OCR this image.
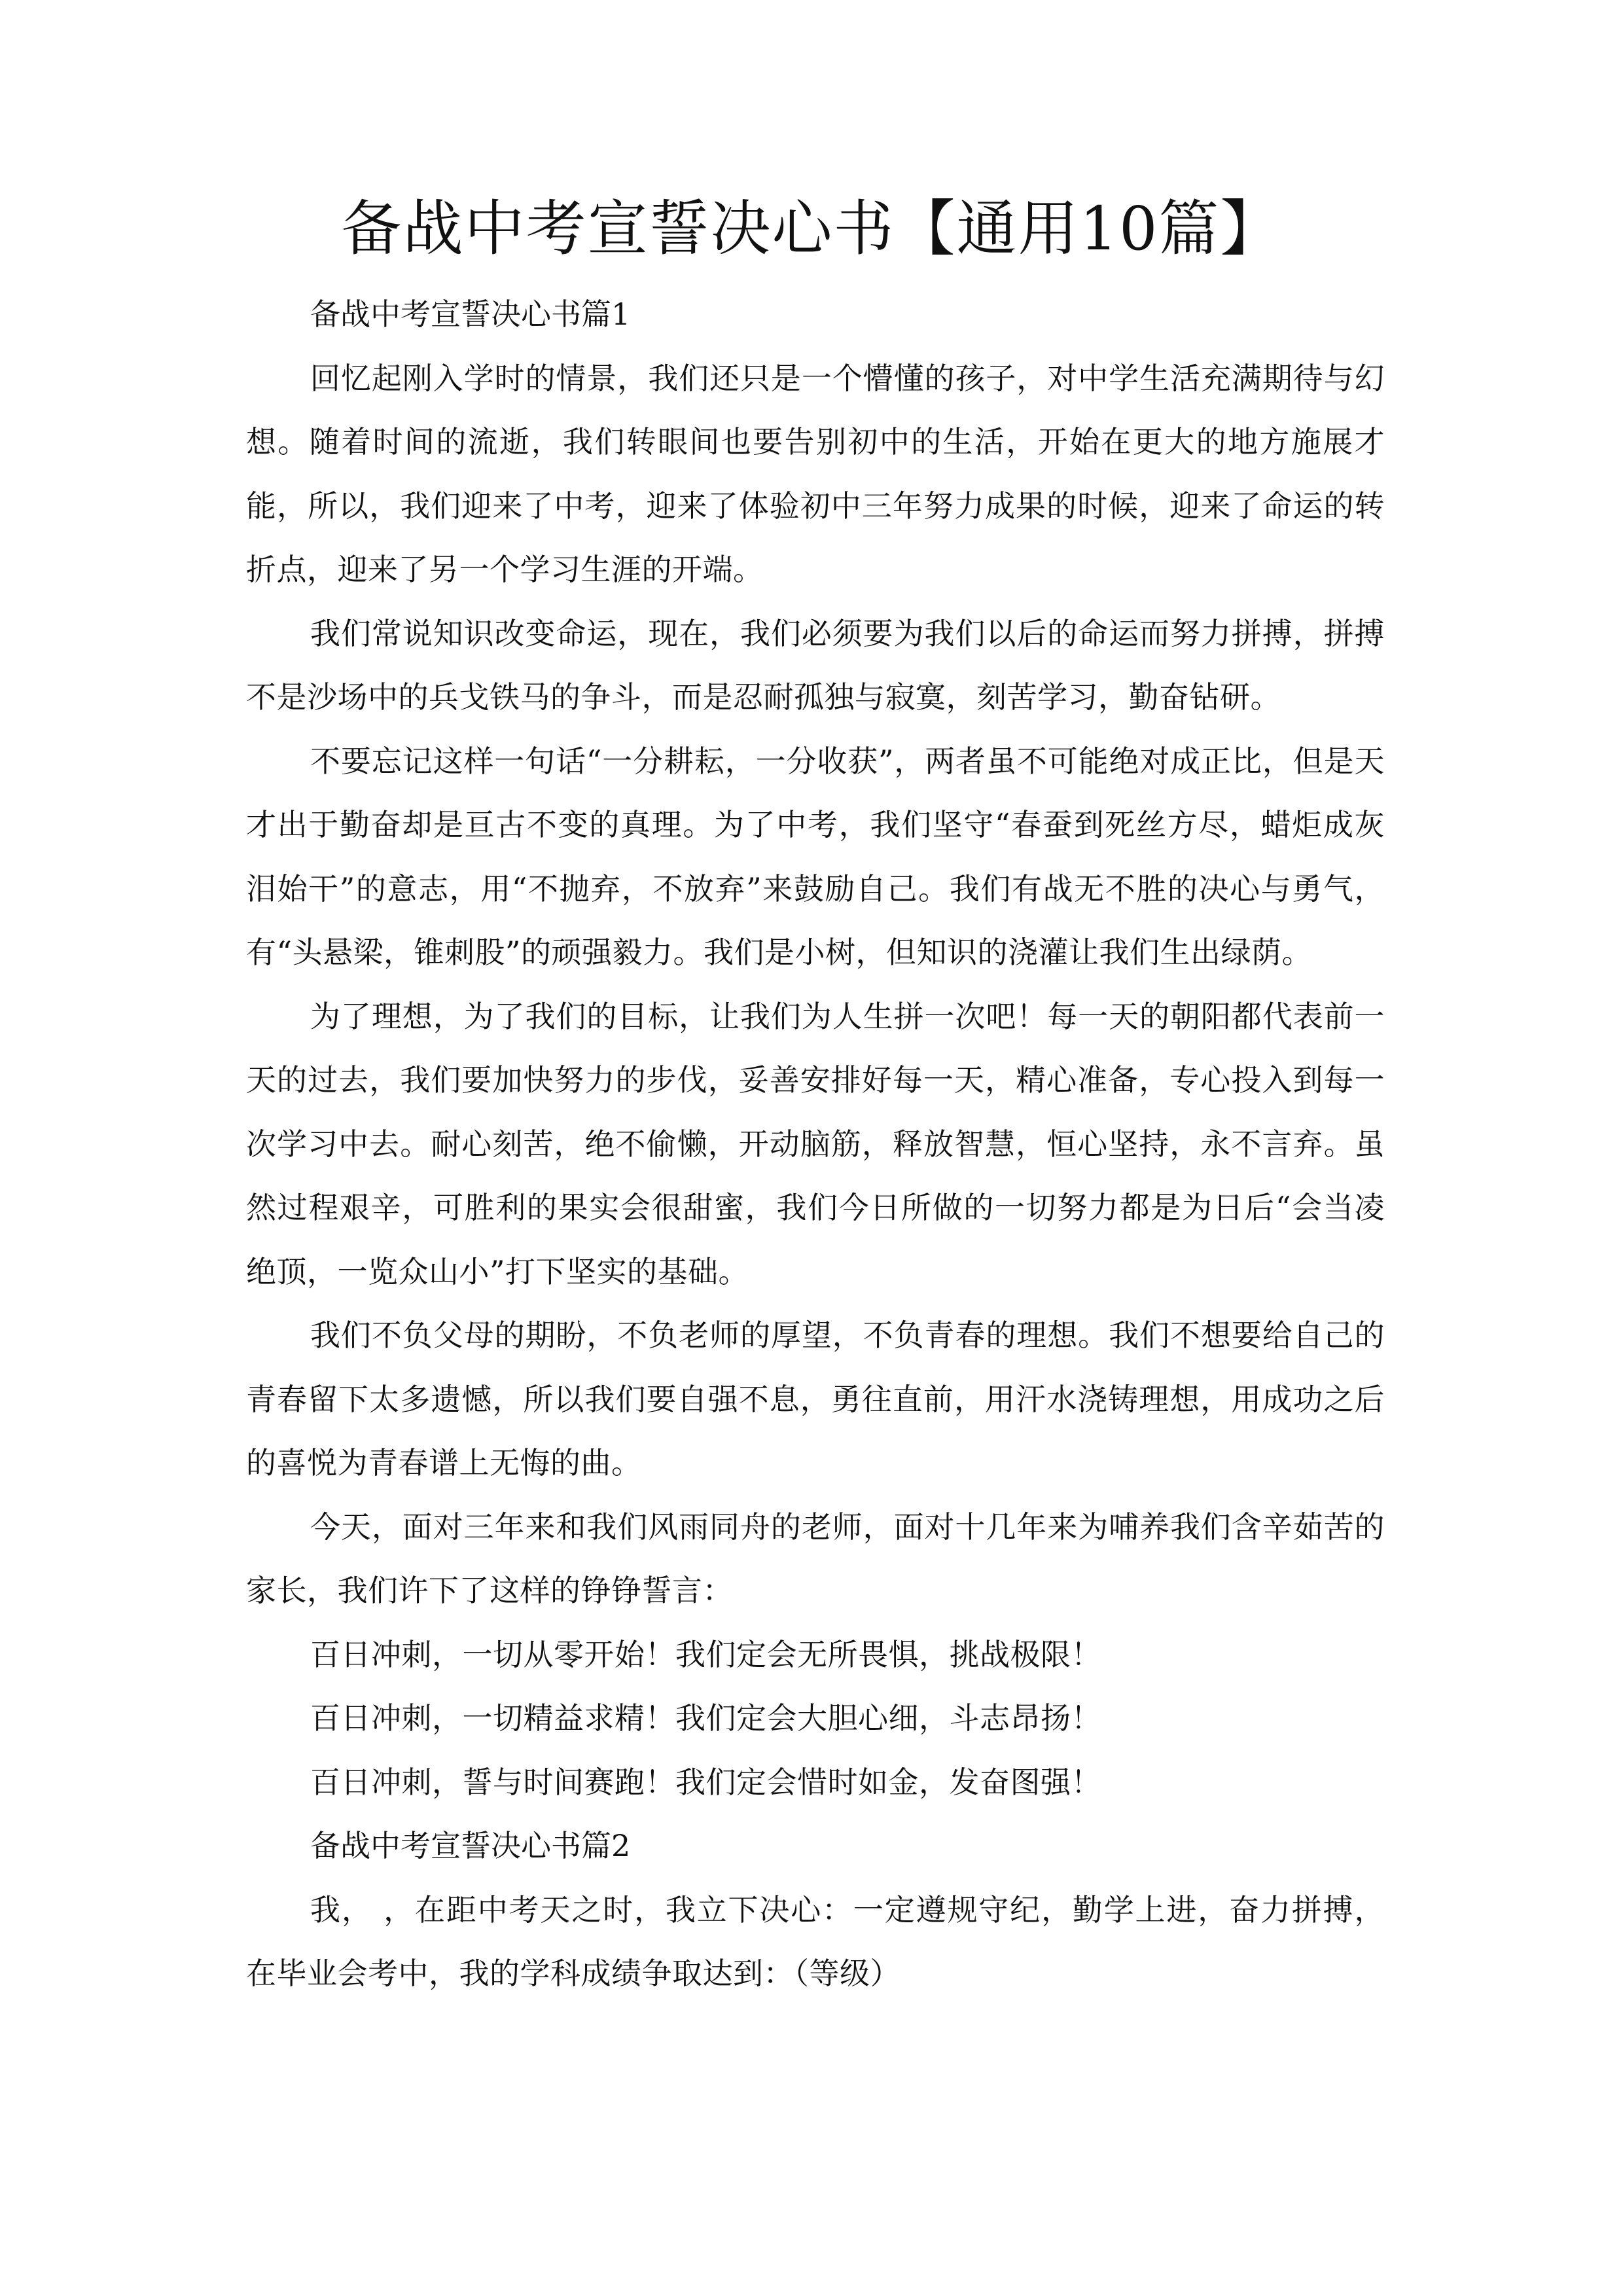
备战中考宣誓决心书【通用10篇】

备战中考宣誓决心书篇1

回忆起刚入学时的情景，我们还只是一个懵懂的孩子，对中学生活充满期待与幻想。随着时间的流逝，我们转眼间也要告别初中的生活，开始在更大的地方施展才能，所以，我们迎来了中考，迎来了体验初中三年努力成果的时候，迎来了命运的转折点，迎来了另一个学习生涯的开端。

我们常说知识改变命运，现在，我们必须要为我们以后的命运而努力拼搏，拼搏不是沙场中的兵戈铁马的争斗，而是忍耐孤独与寂寞，刻苦学习，勤奋钻研。

不要忘记这样一句话“一分耕耘，一分收获”，两者虽不可能绝对成正比，但是天才出于勤奋却是亘古不变的真理。为了中考，我们坚守“春蚕到死丝方尽，蜡炬成灰泪始干”的意志，用“不抛弃，不放弃”来鼓励自己。我们有战无不胜的决心与勇气，有“头悬梁，锥刺股”的顽强毅力。我们是小树，但知识的浇灌让我们生出绿荫。

为了理想，为了我们的目标，让我们为人生拼一次吧！每一天的朝阳都代表前一天的过去，我们要加快努力的步伐，妥善安排好每一天，精心准备，专心投入到每一次学习中去。耐心刻苦，绝不偷懒，开动脑筋，释放智慧，恒心坚持，永不言弃。虽然过程艰辛，可胜利的果实会很甜蜜，我们今日所做的一切努力都是为日后“会当凌绝顶，一览众山小”打下坚实的基础。

我们不负父母的期盼，不负老师的厚望，不负青春的理想。我们不想要给自己的青春留下太多遗憾，所以我们要自强不息，勇往直前，用汗水浇铸理想，用成功之后的喜悦为青春谱上无悔的曲。

今天，面对三年来和我们风雨同舟的老师，面对十几年来为哺养我们含辛茹苦的家长，我们许下了这样的铮铮誓言：

百日冲刺，一切从零开始！我们定会无所畏惧，挑战极限！

百日冲刺，一切精益求精！我们定会大胆心细，斗志昂扬！

百日冲刺，誓与时间赛跑！我们定会惜时如金，发奋图强！

备战中考宣誓决心书篇2

我， ，在距中考天之时，我立下决心：一定遵规守纪，勤学上进，奋力拼搏，在毕业会考中，我的学科成绩争取达到：（等级）
